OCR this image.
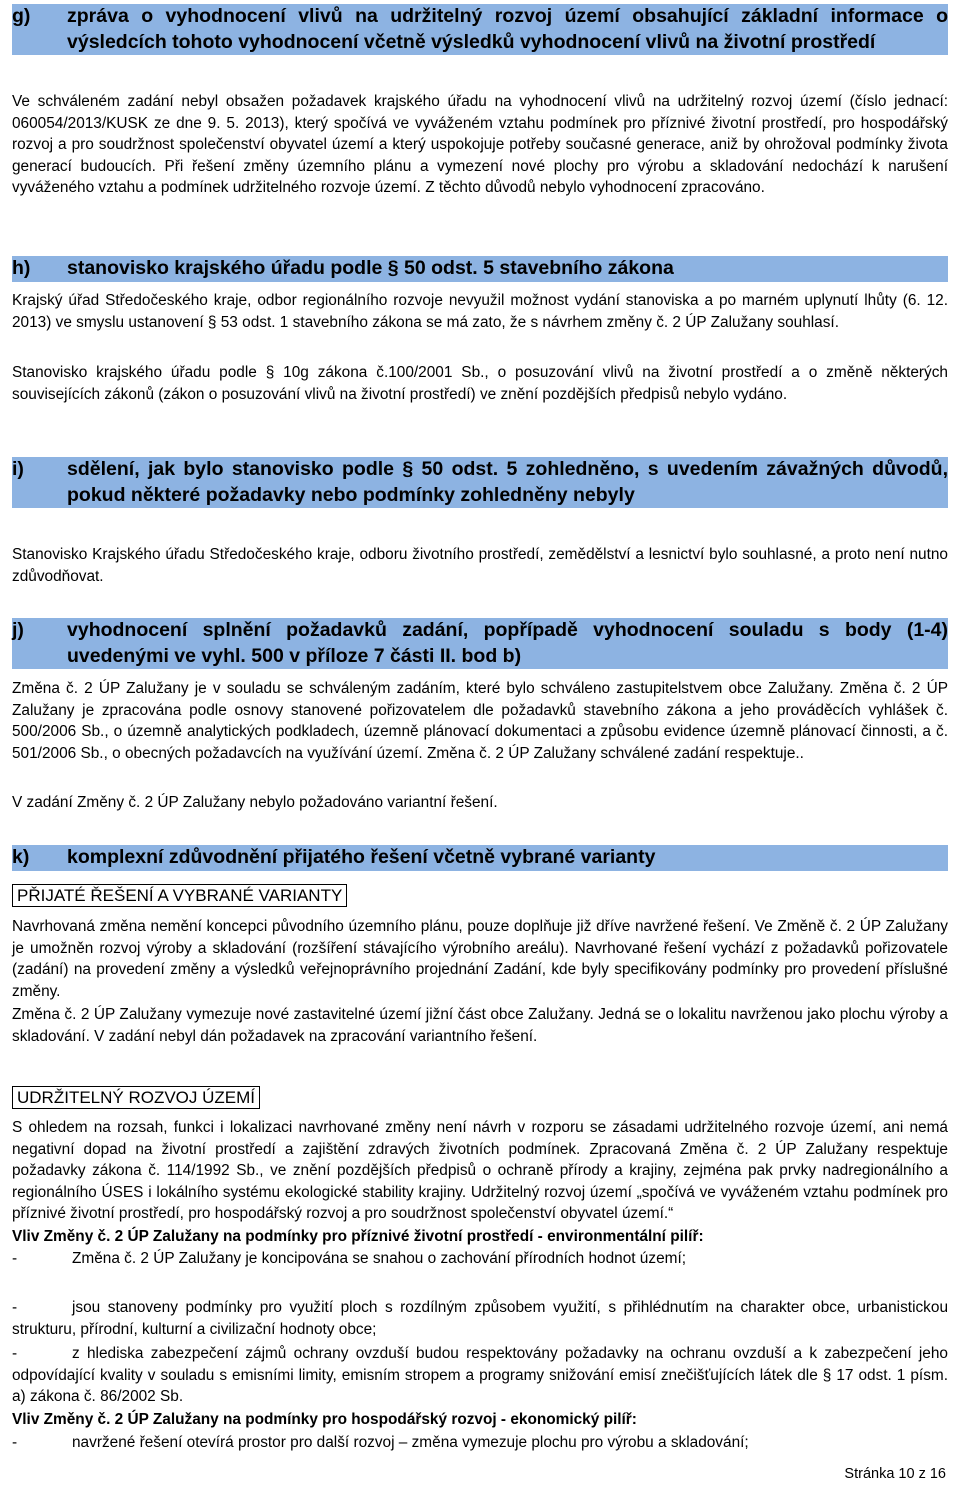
g)	zpráva o vyhodnocení vlivů na udržitelný rozvoj území obsahující základní informace o výsledcích tohoto vyhodnocení včetně výsledků vyhodnocení vlivů na životní prostředí

Ve schváleném zadání nebyl obsažen požadavek krajského úřadu na vyhodnocení vlivů na udržitelný rozvoj území (číslo jednací: 060054/2013/KUSK ze dne 9. 5. 2013), který spočívá ve vyváženém vztahu podmínek pro příznivé životní prostředí, pro hospodářský rozvoj a pro soudržnost společenství obyvatel území a který uspokojuje potřeby současné generace, aniž by ohrožoval podmínky života generací budoucích. Při řešení změny územního plánu a vymezení nové plochy pro výrobu a skladování nedochází k narušení vyváženého vztahu a podmínek udržitelného rozvoje území. Z těchto důvodů nebylo vyhodnocení zpracováno.

h)	stanovisko krajského úřadu podle § 50 odst. 5 stavebního zákona

Krajský úřad Středočeského kraje, odbor regionálního rozvoje nevyužil možnost vydání stanoviska a po marném uplynutí lhůty (6. 12. 2013) ve smyslu ustanovení § 53 odst. 1 stavebního zákona se má zato, že s návrhem změny č. 2 ÚP Zalužany souhlasí.

Stanovisko krajského úřadu podle § 10g zákona č.100/2001 Sb., o posuzování vlivů na životní prostředí a o změně některých souvisejících zákonů (zákon o posuzování vlivů na životní prostředí) ve znění pozdějších předpisů nebylo vydáno.

i)	sdělení, jak bylo stanovisko podle § 50 odst. 5 zohledněno, s uvedením závažných důvodů, pokud některé požadavky nebo podmínky zohledněny nebyly

Stanovisko Krajského úřadu Středočeského kraje, odboru životního prostředí, zemědělství a lesnictví bylo souhlasné, a proto není nutno zdůvodňovat.

j)	vyhodnocení splnění požadavků zadání, popřípadě vyhodnocení souladu s body (1-4) uvedenými ve vyhl. 500 v příloze 7 části II. bod b)

Změna č. 2 ÚP Zalužany je v souladu se schváleným zadáním, které bylo schváleno zastupitelstvem obce Zalužany. Změna č. 2 ÚP Zalužany je zpracována podle osnovy stanovené pořizovatelem dle požadavků stavebního zákona a jeho prováděcích vyhlášek č. 500/2006 Sb., o územně analytických podkladech, územně plánovací dokumentaci a způsobu evidence územně plánovací činnosti, a č. 501/2006 Sb., o obecných požadavcích na využívání území. Změna č. 2 ÚP Zalužany schválené zadání respektuje..

V zadání Změny č. 2 ÚP Zalužany nebylo požadováno variantní řešení.

k)	komplexní zdůvodnění přijatého řešení včetně vybrané varianty
PŘIJATÉ ŘEŠENÍ A VYBRANÉ VARIANTY

Navrhovaná změna nemění koncepci původního územního plánu, pouze doplňuje již dříve navržené řešení. Ve Změně č. 2 ÚP Zalužany je umožněn rozvoj výroby a skladování (rozšíření stávajícího výrobního areálu). Navrhované řešení vychází z požadavků pořizovatele (zadání) na provedení změny a výsledků veřejnoprávního projednání Zadání, kde byly specifikovány podmínky pro provedení příslušné změny.

Změna č. 2 ÚP Zalužany vymezuje nové zastavitelné území jižní část obce Zalužany. Jedná se o lokalitu navrženou jako plochu výroby a skladování. V zadání nebyl dán požadavek na zpracování variantního řešení.

UDRŽITELNÝ ROZVOJ ÚZEMÍ

S ohledem na rozsah, funkci i lokalizaci navrhované změny není návrh v rozporu se zásadami udržitelného rozvoje území, ani nemá negativní dopad na životní prostředí a zajištění zdravých životních podmínek. Zpracovaná Změna č. 2 ÚP Zalužany respektuje požadavky zákona č. 114/1992 Sb., ve znění pozdějších předpisů o ochraně přírody a krajiny, zejména pak prvky nadregionálního a regionálního ÚSES i lokálního systému ekologické stability krajiny. Udržitelný rozvoj území „spočívá ve vyváženém vztahu podmínek pro příznivé životní prostředí, pro hospodářský rozvoj a pro soudržnost společenství obyvatel území.“

Vliv Změny č. 2 ÚP Zalužany na podmínky pro příznivé životní prostředí - environmentální pilíř:

-	Změna č. 2 ÚP Zalužany je koncipována se snahou o zachování přírodních hodnot území;

-	jsou stanoveny podmínky pro využití ploch s rozdílným způsobem využití, s přihlédnutím na charakter obce, urbanistickou strukturu, přírodní, kulturní a civilizační hodnoty obce;

-	z hlediska zabezpečení zájmů ochrany ovzduší budou respektovány požadavky na ochranu ovzduší a k zabezpečení jeho odpovídající kvality v souladu s emisními limity, emisním stropem a programy snižování emisí znečišťujících látek dle § 17 odst. 1 písm. a) zákona č. 86/2002 Sb.

Vliv Změny č. 2 ÚP Zalužany na podmínky pro hospodářský rozvoj - ekonomický pilíř:

-	navržené řešení otevírá prostor pro další rozvoj – změna vymezuje plochu pro výrobu a skladování;

Stránka 10 z 16
